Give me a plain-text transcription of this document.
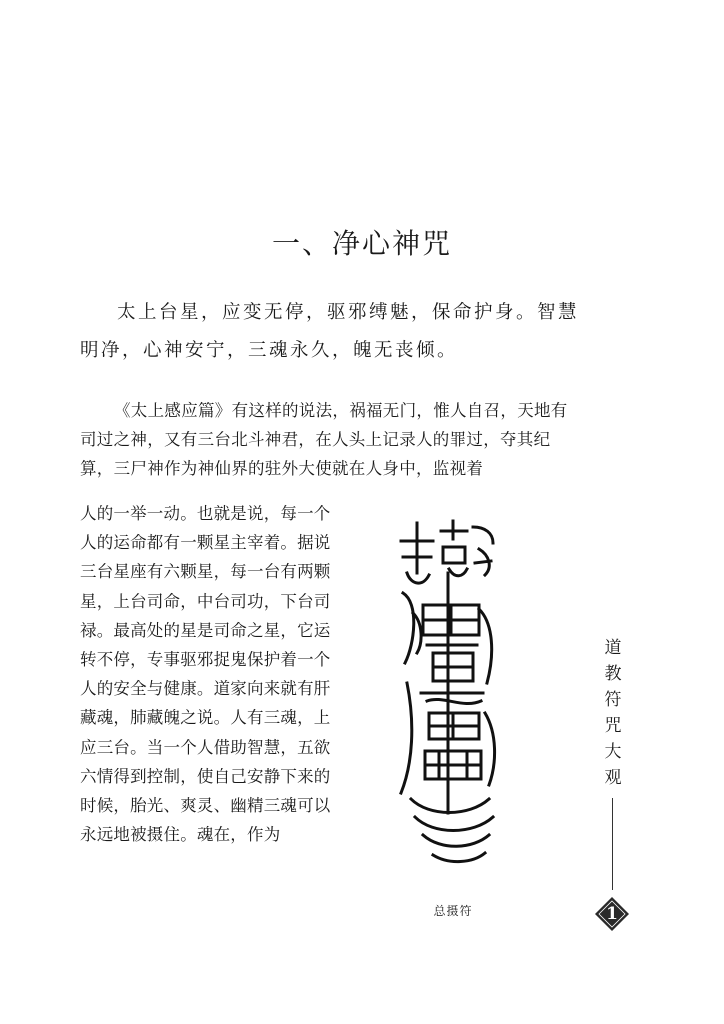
一、净心神咒

太上台星，应变无停，驱邪缚魅，保命护身。智慧明净，心神安宁，三魂永久，魄无丧倾。

《太上感应篇》有这样的说法，祸福无门，惟人自召，天地有司过之神，又有三台北斗神君，在人头上记录人的罪过，夺其纪算，三尸神作为神仙界的驻外大使就在人身中，监视着

人的一举一动。也就是说，每一个人的运命都有一颗星主宰着。据说三台星座有六颗星，每一台有两颗星，上台司命，中台司功，下台司禄。最高处的星是司命之星，它运转不停，专事驱邪捉鬼保护着一个人的安全与健康。道家向来就有肝藏魂，肺藏魄之说。人有三魂，上应三台。当一个人借助智慧，五欲六情得到控制，使自己安静下来的时候，胎光、爽灵、幽精三魂可以永远地被摄住。魂在，作为

总摄符
道
教
符
咒
大
观
1
